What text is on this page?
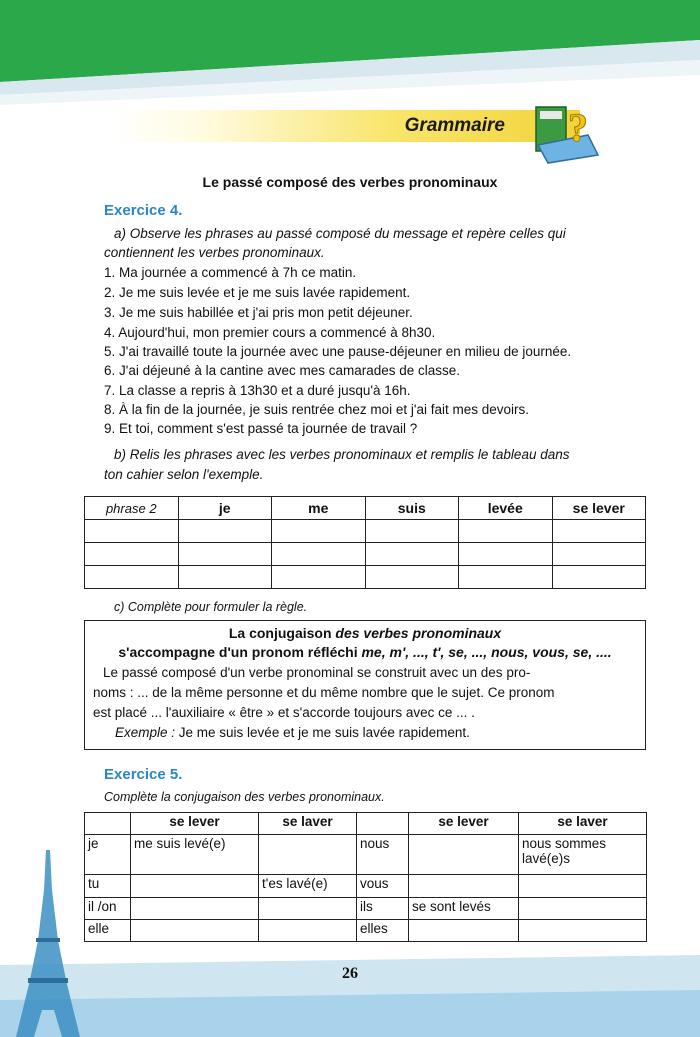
Grammaire ?
Le passé composé des verbes pronominaux
Exercice 4.
a) Observe les phrases au passé composé du message et repère celles qui
contiennent les verbes pronominaux.
1. Ma journée a commencé à 7h ce matin.
2. Je me suis levée et je me suis lavée rapidement.
3. Je me suis habillée et j'ai pris mon petit déjeuner.
4. Aujourd'hui, mon premier cours a commencé à 8h30.
5. J'ai travaillé toute la journée avec une pause-déjeuner en milieu de journée.
6. J'ai déjeuné à la cantine avec mes camarades de classe.
7. La classe a repris à 13h30 et a duré jusqu'à 16h.
8. À la fin de la journée, je suis rentrée chez moi et j'ai fait mes devoirs.
9. Et toi, comment s'est passé ta journée de travail ?
b) Relis les phrases avec les verbes pronominaux et remplis le tableau dans
ton cahier selon l'exemple.
phrase 2	je	me	suis	levée	se lever

c) Complète pour formuler la règle.
La conjugaison des verbes pronominaux
s'accompagne d'un pronom réfléchi me, m', ..., t', se, ..., nous, vous, se, ....
Le passé composé d'un verbe pronominal se construit avec un des pro-
noms : ... de la même personne et du même nombre que le sujet. Ce pronom
est placé ... l'auxiliaire « être » et s'accorde toujours avec ce ... .
Exemple : Je me suis levée et je me suis lavée rapidement.
Exercice 5.
Complète la conjugaison des verbes pronominaux.
	se lever	se laver		se lever	se laver
je	me suis levé(e)		nous		nous sommes lavé(e)s
tu		t'es lavé(e)	vous		
il /on			ils	se sont levés	
elle			elles		
26
